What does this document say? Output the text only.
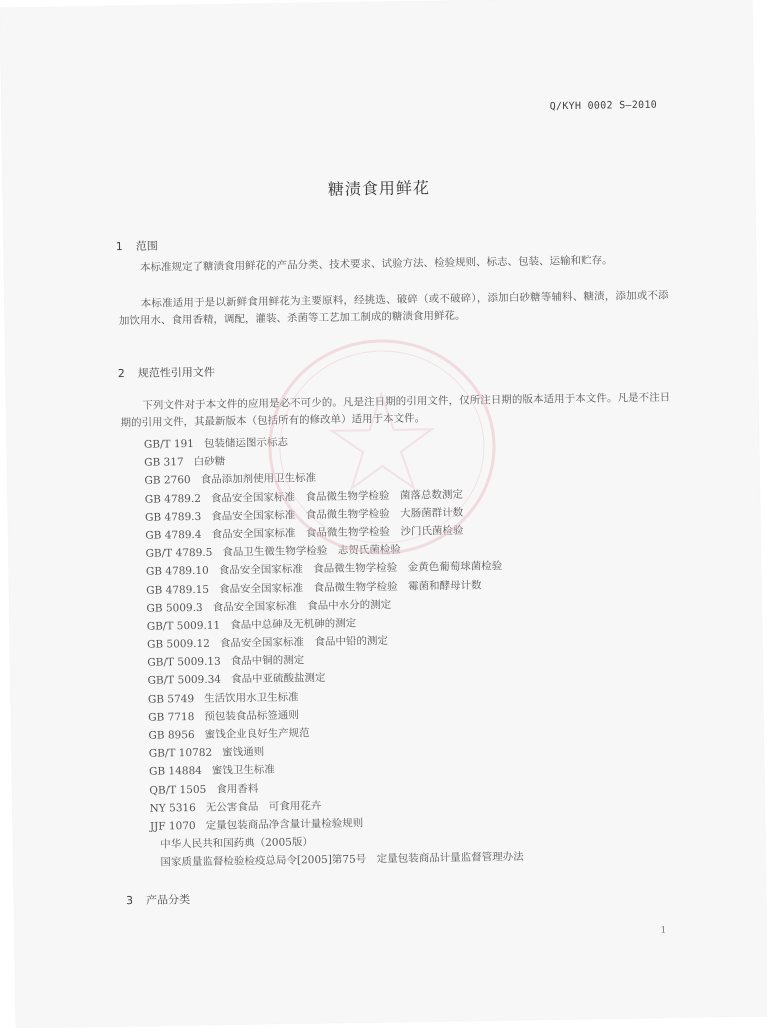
Q/KYH 0002 S—2010
糖渍食用鲜花
1 范围

本标准规定了糖渍食用鲜花的产品分类、技术要求、试验方法、检验规则、标志、包装、运输和贮存。

本标准适用于是以新鲜食用鲜花为主要原料，经挑选、破碎（或不破碎），添加白砂糖等辅料、糖渍，添加或不添加饮用水、食用香精，调配，灌装、杀菌等工艺加工制成的糖渍食用鲜花。

2 规范性引用文件

下列文件对于本文件的应用是必不可少的。凡是注日期的引用文件，仅所注日期的版本适用于本文件。凡是不注日期的引用文件，其最新版本（包括所有的修改单）适用于本文件。

GB/T 191 包装储运图示标志
GB 317 白砂糖
GB 2760 食品添加剂使用卫生标准
GB 4789.2 食品安全国家标准　食品微生物学检验　菌落总数测定
GB 4789.3 食品安全国家标准　食品微生物学检验　大肠菌群计数
GB 4789.4 食品安全国家标准　食品微生物学检验　沙门氏菌检验
GB/T 4789.5 食品卫生微生物学检验　志贺氏菌检验
GB 4789.10 食品安全国家标准　食品微生物学检验　金黄色葡萄球菌检验
GB 4789.15 食品安全国家标准　食品微生物学检验　霉菌和酵母计数
GB 5009.3 食品安全国家标准　食品中水分的测定
GB/T 5009.11 食品中总砷及无机砷的测定
GB 5009.12 食品安全国家标准　食品中铅的测定
GB/T 5009.13 食品中铜的测定
GB/T 5009.34 食品中亚硫酸盐测定
GB 5749 生活饮用水卫生标准
GB 7718 预包装食品标签通则
GB 8956 蜜饯企业良好生产规范
GB/T 10782 蜜饯通则
GB 14884 蜜饯卫生标准
QB/T 1505 食用香料
NY 5316 无公害食品　可食用花卉
JJF 1070 定量包装商品净含量计量检验规则
中华人民共和国药典（2005版）
国家质量监督检验检疫总局令[2005]第75号　定量包装商品计量监督管理办法
3 产品分类
1
